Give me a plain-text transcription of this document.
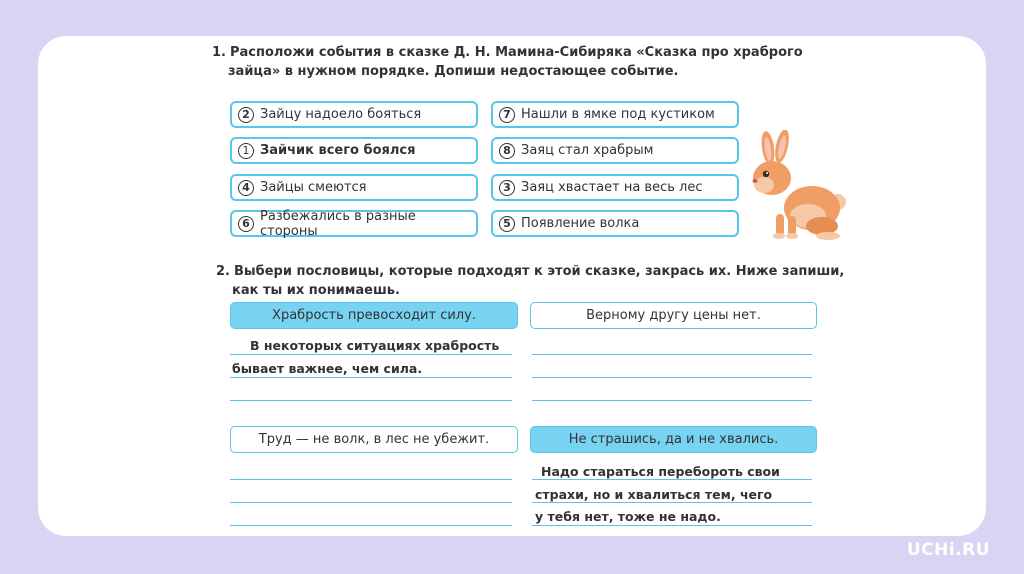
1. Расположи события в сказке Д. Н. Мамина-Сибиряка «Сказка про храброго

зайца» в нужном порядке. Допиши недостающее событие.

2 Зайцу надоело бояться
1 Зайчик всего боялся
4 Зайцы смеются
6 Разбежались в разные стороны
7 Нашли в ямке под кустиком
8 Заяц стал храбрым
3 Заяц хвастает на весь лес
5 Появление волка

2. Выбери пословицы, которые подходят к этой сказке, закрась их. Ниже запиши,

как ты их понимаешь.

Храбрость превосходит силу.	Верному другу цены нет.
Труд — не волк, в лес не убежит.	Не страшись, да и не хвались.

В некоторых ситуациях храбрость
бывает важнее, чем сила.

Надо стараться перебороть свои
страхи, но и хвалиться тем, чего
у тебя нет, тоже не надо.

UCHi.RU
